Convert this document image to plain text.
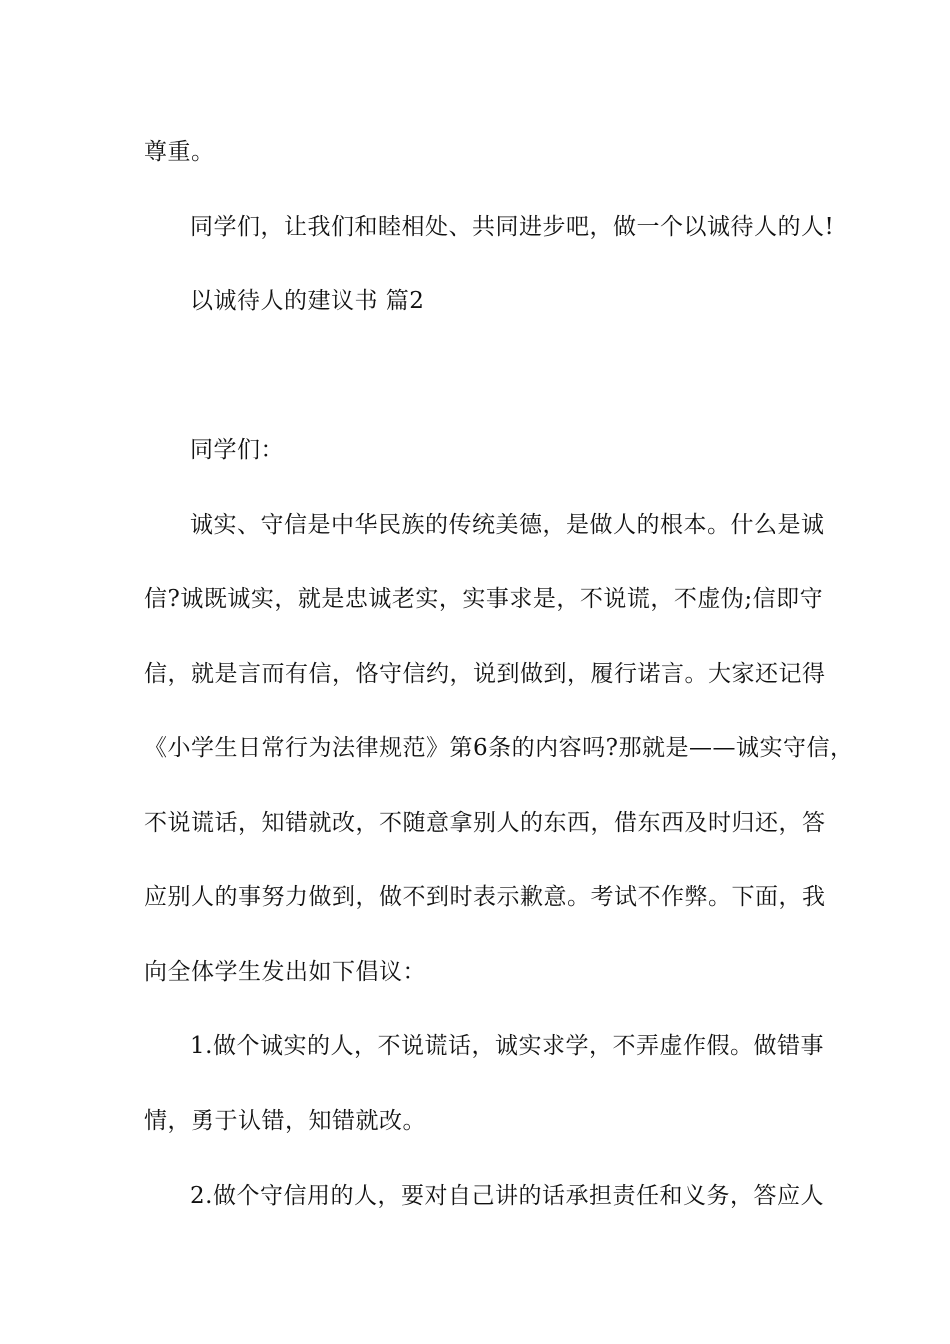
尊重。
同学们，让我们和睦相处、共同进步吧，做一个以诚待人的人!
以诚待人的建议书 篇2
同学们：
诚实、守信是中华民族的传统美德，是做人的根本。什么是诚
信?诚既诚实，就是忠诚老实，实事求是，不说谎，不虚伪;信即守
信，就是言而有信，恪守信约，说到做到，履行诺言。大家还记得
《小学生日常行为法律规范》第6条的内容吗?那就是——诚实守信，
不说谎话，知错就改，不随意拿别人的东西，借东西及时归还，答
应别人的事努力做到，做不到时表示歉意。考试不作弊。下面，我
向全体学生发出如下倡议：
1.做个诚实的人，不说谎话，诚实求学，不弄虚作假。做错事
情，勇于认错，知错就改。
2.做个守信用的人，要对自己讲的话承担责任和义务，答应人
